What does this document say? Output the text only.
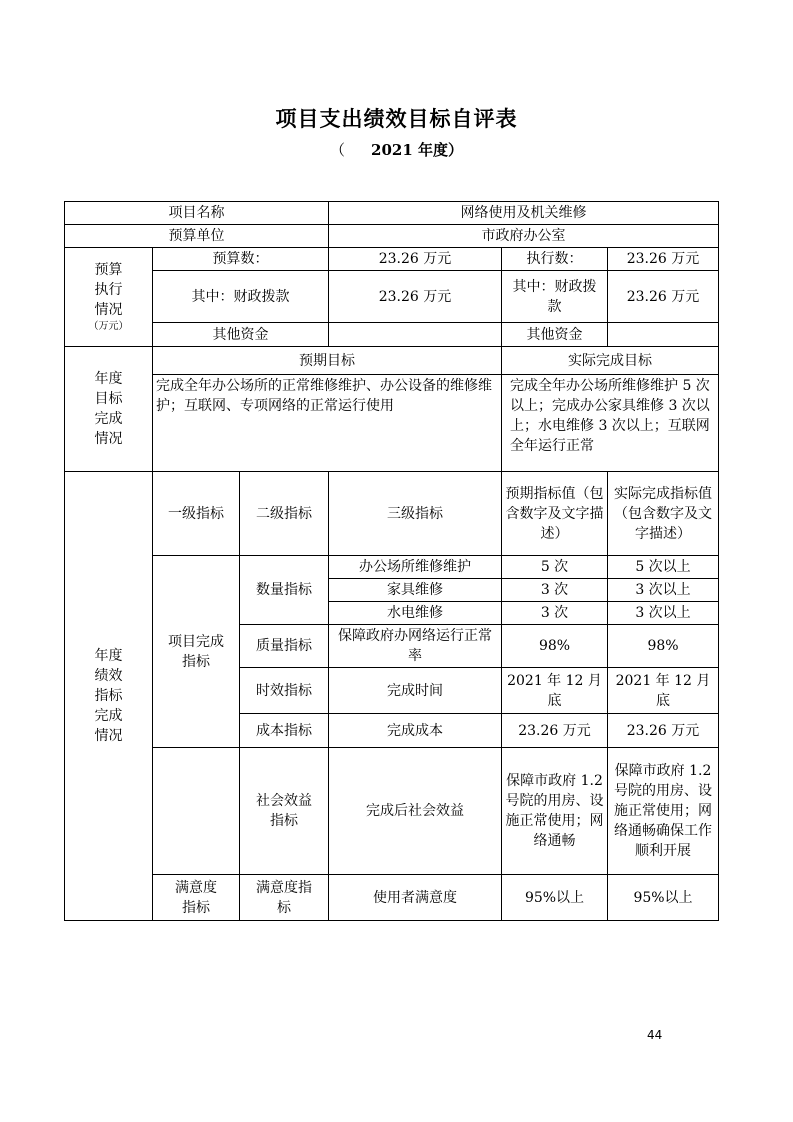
项目支出绩效目标自评表
（ 2021 年度）
项目名称			网络使用及机关维修		
预算单位			市政府办公室		

预算执行情况
（万元）	预算数：		23.26 万元	执行数：	23.26 万元
	其中：财政拨款		23.26 万元	其中：财政拨款	23.26 万元
	其他资金			其他资金	

年度目标完成情况	预期目标			实际完成目标	
	完成全年办公场所的正常维修维护、办公设备的维修维护；互联网、专项网络的正常运行使用			完成全年办公场所维修维护 5 次以上；完成办公家具维修 3 次以上；水电维修 3 次以上；互联网全年运行正常	

年度绩效指标完成情况	一级指标	二级指标	三级指标	预期指标值（包含数字及文字描述）	实际完成指标值（包含数字及文字描述）

	项目完成指标	数量指标	办公场所维修维护	5 次	5 次以上
			家具维修	3 次	3 次以上
			水电维修	3 次	3 次以上
		质量指标	保障政府办网络运行正常率	98%	98%
		时效指标	完成时间	2021 年 12 月底	2021 年 12 月底

		成本指标	完成成本	23.26 万元	23.26 万元

		社会效益指标	完成后社会效益	保障市政府 1.2 号院的用房、设施正常使用；网络通畅	保障市政府 1.2 号院的用房、设施正常使用；网络通畅确保工作顺利开展

	满意度指标	满意度指标	使用者满意度	95%以上	95%以上
44
